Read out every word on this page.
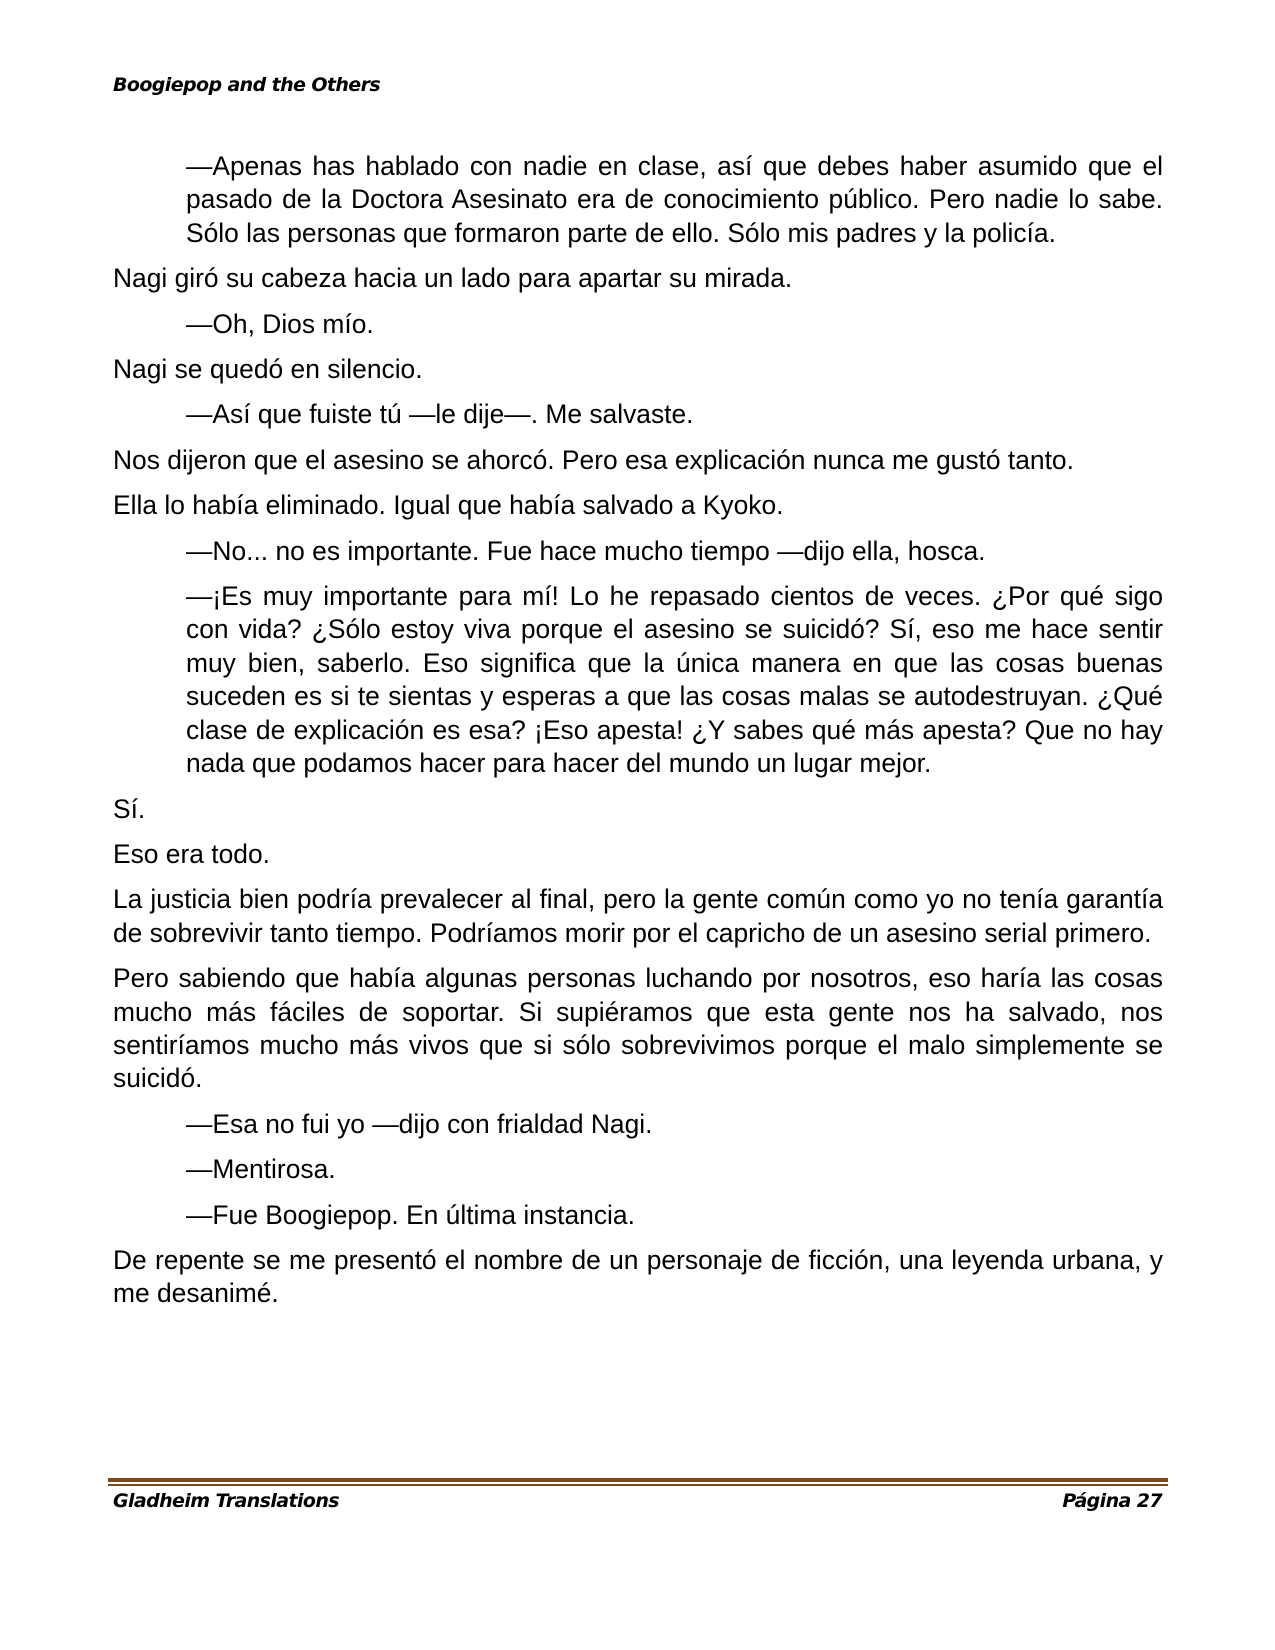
Boogiepop and the Others

—Apenas has hablado con nadie en clase, así que debes haber asumido que el pasado de la Doctora Asesinato era de conocimiento público. Pero nadie lo sabe. Sólo las personas que formaron parte de ello. Sólo mis padres y la policía.

Nagi giró su cabeza hacia un lado para apartar su mirada.

—Oh, Dios mío.

Nagi se quedó en silencio.

—Así que fuiste tú —le dije—. Me salvaste.

Nos dijeron que el asesino se ahorcó. Pero esa explicación nunca me gustó tanto.

Ella lo había eliminado. Igual que había salvado a Kyoko.

—No... no es importante. Fue hace mucho tiempo —dijo ella, hosca.

—¡Es muy importante para mí! Lo he repasado cientos de veces. ¿Por qué sigo con vida? ¿Sólo estoy viva porque el asesino se suicidó? Sí, eso me hace sentir muy bien, saberlo. Eso significa que la única manera en que las cosas buenas suceden es si te sientas y esperas a que las cosas malas se autodestruyan. ¿Qué clase de explicación es esa? ¡Eso apesta! ¿Y sabes qué más apesta? Que no hay nada que podamos hacer para hacer del mundo un lugar mejor.

Sí.

Eso era todo.

La justicia bien podría prevalecer al final, pero la gente común como yo no tenía garantía de sobrevivir tanto tiempo. Podríamos morir por el capricho de un asesino serial primero.

Pero sabiendo que había algunas personas luchando por nosotros, eso haría las cosas mucho más fáciles de soportar. Si supiéramos que esta gente nos ha salvado, nos sentiríamos mucho más vivos que si sólo sobrevivimos porque el malo simplemente se suicidó.

—Esa no fui yo —dijo con frialdad Nagi.

—Mentirosa.

—Fue Boogiepop. En última instancia.

De repente se me presentó el nombre de un personaje de ficción, una leyenda urbana, y me desanimé.

Gladheim Translations	Página 27
